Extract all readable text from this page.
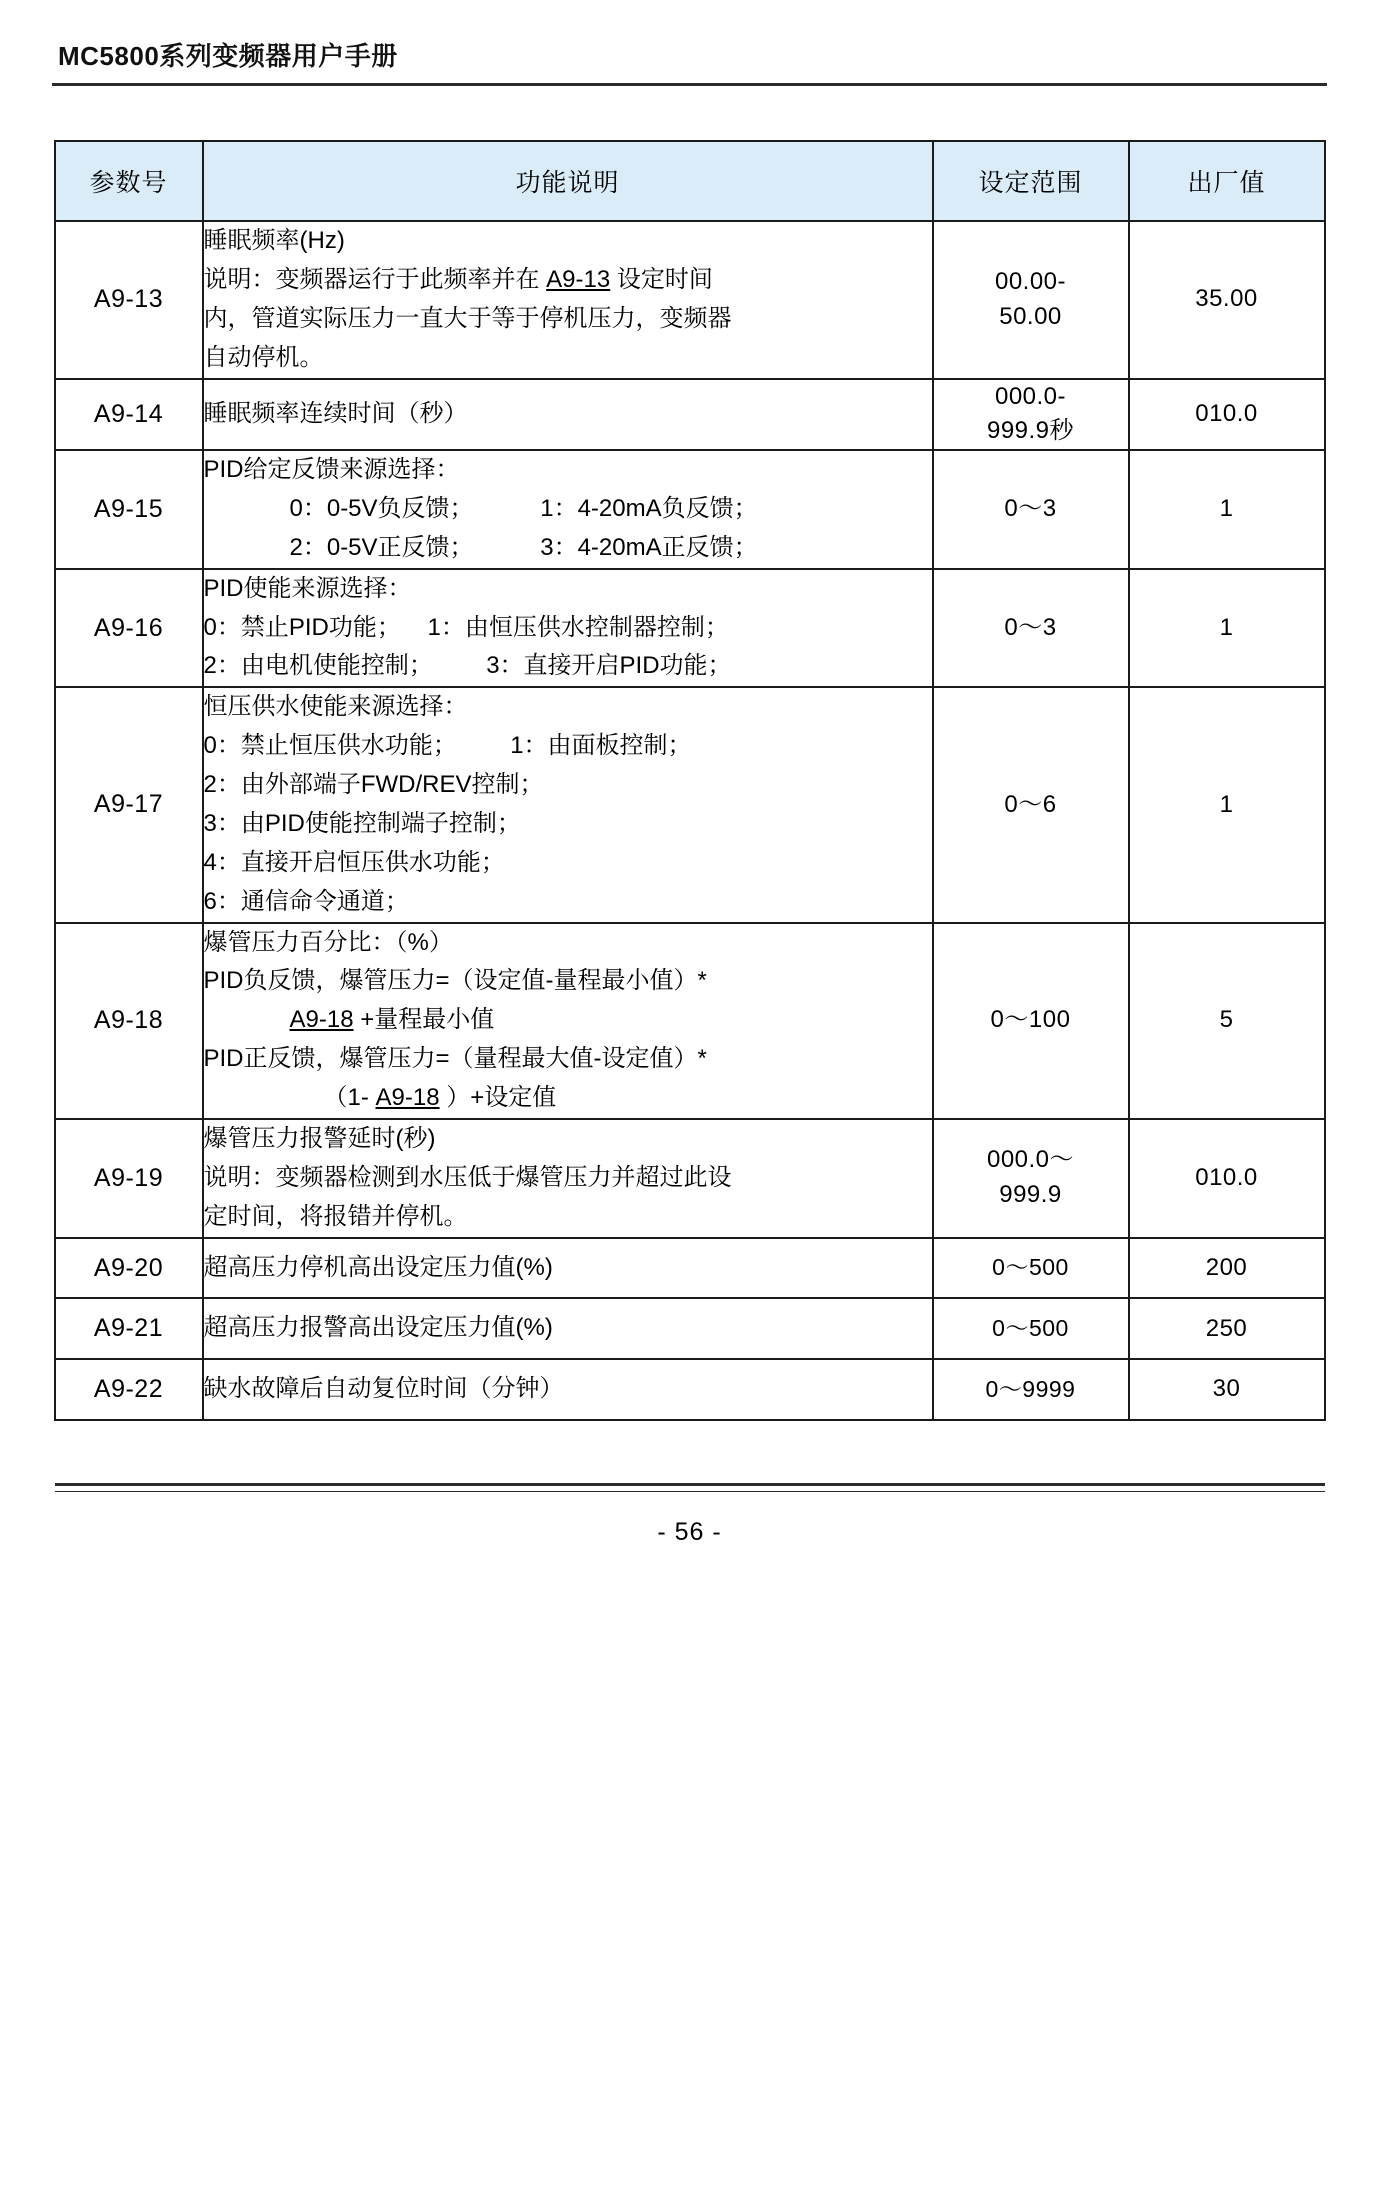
MC5800系列变频器用户手册
参数号	功能说明	设定范围	出厂值
A9-13	睡眠频率(Hz)
说明：变频器运行于此频率并在 A9-13 设定时间
内，管道实际压力一直大于等于停机压力，变频器
自动停机。	00.00-
50.00	35.00
A9-14	睡眠频率连续时间（秒）	000.0-
999.9秒	010.0
A9-15	PID给定反馈来源选择：
0：0-5V负反馈；          1：4-20mA负反馈；
2：0-5V正反馈；          3：4-20mA正反馈；	0～3	1
A9-16	PID使能来源选择：
0：禁止PID功能；    1：由恒压供水控制器控制；
2：由电机使能控制；        3：直接开启PID功能；	0～3	1
A9-17	
恒压供水使能来源选择：
0：禁止恒压供水功能；        1：由面板控制；
2：由外部端子FWD/REV控制；
3：由PID使能控制端子控制；
4：直接开启恒压供水功能；
6：通信命令通道；
	0～6	1
A9-18	爆管压力百分比：（%）
PID负反馈，爆管压力=（设定值-量程最小值）*
A9-18 +量程最小值
PID正反馈，爆管压力=（量程最大值-设定值）*
（1- A9-18 ）+设定值	0～100	5
A9-19	爆管压力报警延时(秒)
说明：变频器检测到水压低于爆管压力并超过此设
定时间，将报错并停机。	000.0～
999.9	010.0
A9-20	超高压力停机高出设定压力值(%)	0～500	200
A9-21	超高压力报警高出设定压力值(%)	0～500	250
A9-22	缺水故障后自动复位时间（分钟）	0～9999	30
- 56 -
